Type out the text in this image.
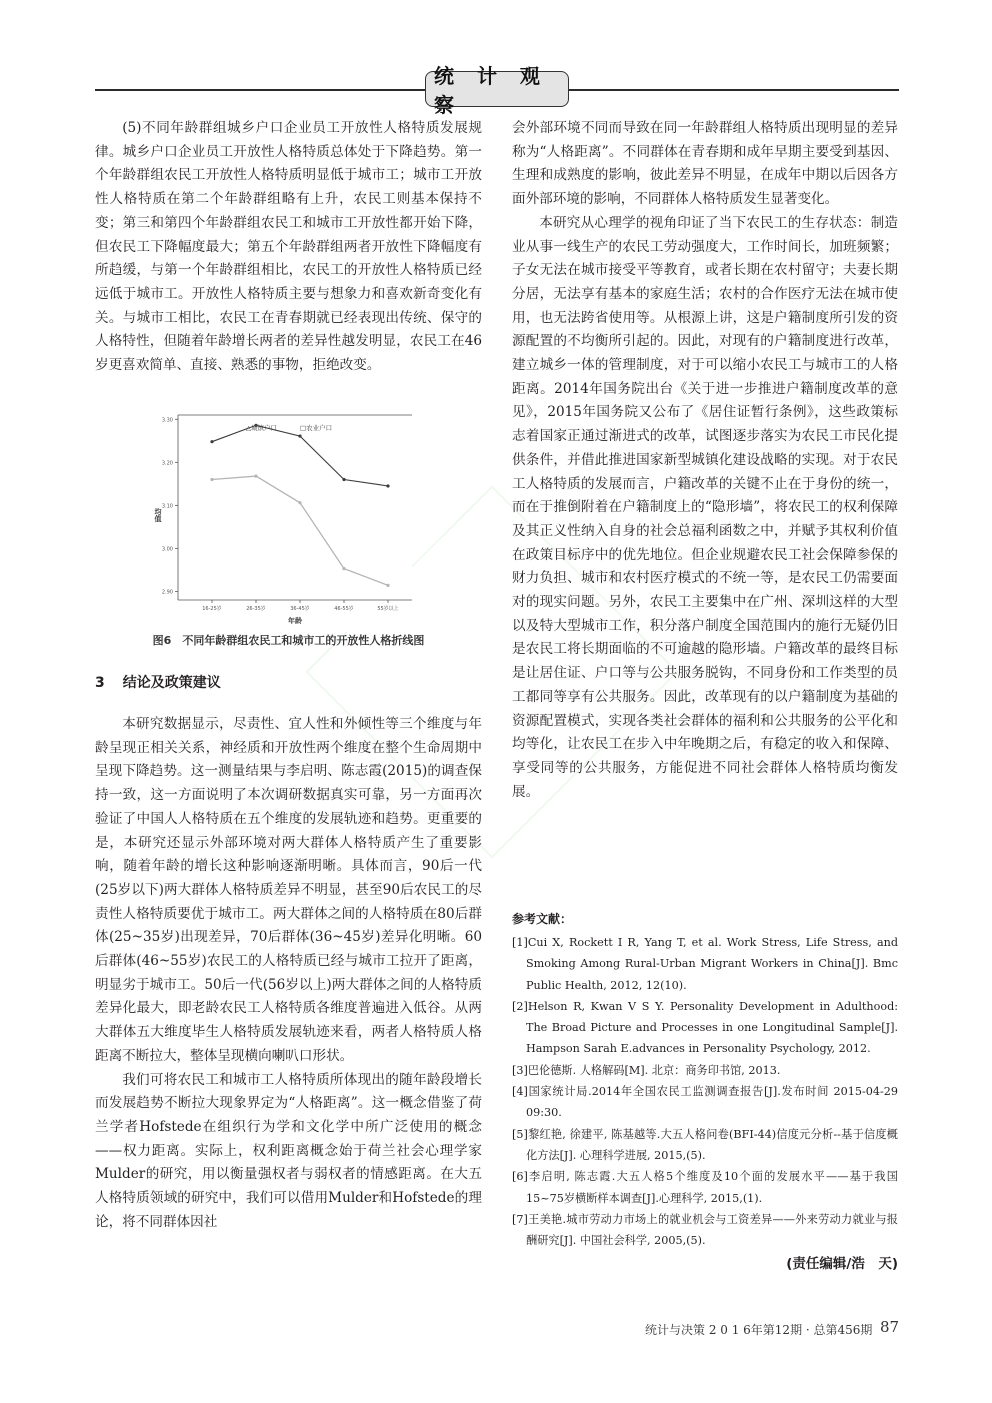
统 计 观 察

(5)不同年龄群组城乡户口企业员工开放性人格特质发展规律。城乡户口企业员工开放性人格特质总体处于下降趋势。第一个年龄群组农民工开放性人格特质明显低于城市工；城市工开放性人格特质在第二个年龄群组略有上升，农民工则基本保持不变；第三和第四个年龄群组农民工和城市工开放性都开始下降，但农民工下降幅度最大；第五个年龄群组两者开放性下降幅度有所趋缓，与第一个年龄群组相比，农民工的开放性人格特质已经远低于城市工。开放性人格特质主要与想象力和喜欢新奇变化有关。与城市工相比，农民工在青春期就已经表现出传统、保守的人格特性，但随着年龄增长两者的差异性越发明显，农民工在46岁更喜欢简单、直接、熟悉的事物，拒绝改变。

2.90
3.00
3.10
3.20
3.30
16-25岁	26-35岁	36-45岁	46-55岁	55岁以上
△城镇户口	□农业户口
均值
年龄
图6　不同年龄群组农民工和城市工的开放性人格折线图
3 结论及政策建议

本研究数据显示，尽责性、宜人性和外倾性等三个维度与年龄呈现正相关关系，神经质和开放性两个维度在整个生命周期中呈现下降趋势。这一测量结果与李启明、陈志霞(2015)的调查保持一致，这一方面说明了本次调研数据真实可靠，另一方面再次验证了中国人人格特质在五个维度的发展轨迹和趋势。更重要的是，本研究还显示外部环境对两大群体人格特质产生了重要影响，随着年龄的增长这种影响逐渐明晰。具体而言，90后一代(25岁以下)两大群体人格特质差异不明显，甚至90后农民工的尽责性人格特质要优于城市工。两大群体之间的人格特质在80后群体(25~35岁)出现差异，70后群体(36~45岁)差异化明晰。60后群体(46~55岁)农民工的人格特质已经与城市工拉开了距离，明显劣于城市工。50后一代(56岁以上)两大群体之间的人格特质差异化最大，即老龄农民工人格特质各维度普遍进入低谷。从两大群体五大维度毕生人格特质发展轨迹来看，两者人格特质人格距离不断拉大，整体呈现横向喇叭口形状。

我们可将农民工和城市工人格特质所体现出的随年龄段增长而发展趋势不断拉大现象界定为“人格距离”。这一概念借鉴了荷兰学者Hofstede在组织行为学和文化学中所广泛使用的概念——权力距离。实际上，权利距离概念始于荷兰社会心理学家Mulder的研究，用以衡量强权者与弱权者的情感距离。在大五人格特质领域的研究中，我们可以借用Mulder和Hofstede的理论，将不同群体因社

会外部环境不同而导致在同一年龄群组人格特质出现明显的差异称为“人格距离”。不同群体在青春期和成年早期主要受到基因、生理和成熟度的影响，彼此差异不明显，在成年中期以后因各方面外部环境的影响，不同群体人格特质发生显著变化。

本研究从心理学的视角印证了当下农民工的生存状态：制造业从事一线生产的农民工劳动强度大，工作时间长，加班频繁；子女无法在城市接受平等教育，或者长期在农村留守；夫妻长期分居，无法享有基本的家庭生活；农村的合作医疗无法在城市使用，也无法跨省使用等。从根源上讲，这是户籍制度所引发的资源配置的不均衡所引起的。因此，对现有的户籍制度进行改革，建立城乡一体的管理制度，对于可以缩小农民工与城市工的人格距离。2014年国务院出台《关于进一步推进户籍制度改革的意见》，2015年国务院又公布了《居住证暂行条例》，这些政策标志着国家正通过渐进式的改革，试图逐步落实为农民工市民化提供条件，并借此推进国家新型城镇化建设战略的实现。对于农民工人格特质的发展而言，户籍改革的关键不止在于身份的统一，而在于推倒附着在户籍制度上的“隐形墙”，将农民工的权利保障及其正义性纳入自身的社会总福利函数之中，并赋予其权利价值在政策目标序中的优先地位。但企业规避农民工社会保障参保的财力负担、城市和农村医疗模式的不统一等，是农民工仍需要面对的现实问题。另外，农民工主要集中在广州、深圳这样的大型以及特大型城市工作，积分落户制度全国范围内的施行无疑仍旧是农民工将长期面临的不可逾越的隐形墙。户籍改革的最终目标是让居住证、户口等与公共服务脱钩，不同身份和工作类型的员工都同等享有公共服务。因此，改革现有的以户籍制度为基础的资源配置模式，实现各类社会群体的福利和公共服务的公平化和均等化，让农民工在步入中年晚期之后，有稳定的收入和保障、享受同等的公共服务，方能促进不同社会群体人格特质均衡发展。

参考文献：

[1]Cui X, Rockett I R, Yang T, et al. Work Stress, Life Stress, and Smoking Among Rural-Urban Migrant Workers in China[J]. Bmc Public Health, 2012, 12(10).

[2]Helson R, Kwan V S Y. Personality Development in Adulthood: The Broad Picture and Processes in one Longitudinal Sample[J]. Hampson Sarah E.advances in Personality Psychology, 2012.

[3]巴伦德斯. 人格解码[M]. 北京：商务印书馆, 2013.

[4]国家统计局.2014年全国农民工监测调查报告[J].发布时间 2015-04-29 09:30.

[5]黎红艳, 徐建平, 陈基越等.大五人格问卷(BFI-44)信度元分析--基于信度概化方法[J]. 心理科学进展, 2015,(5).

[6]李启明, 陈志霞.大五人格5个维度及10个面的发展水平——基于我国15~75岁横断样本调查[J].心理科学, 2015,(1).

[7]王美艳.城市劳动力市场上的就业机会与工资差异——外来劳动力就业与报酬研究[J]. 中国社会科学, 2005,(5).

(责任编辑/浩　天)
统计与决策 2 0 1 6年第12期 · 总第456期 87
